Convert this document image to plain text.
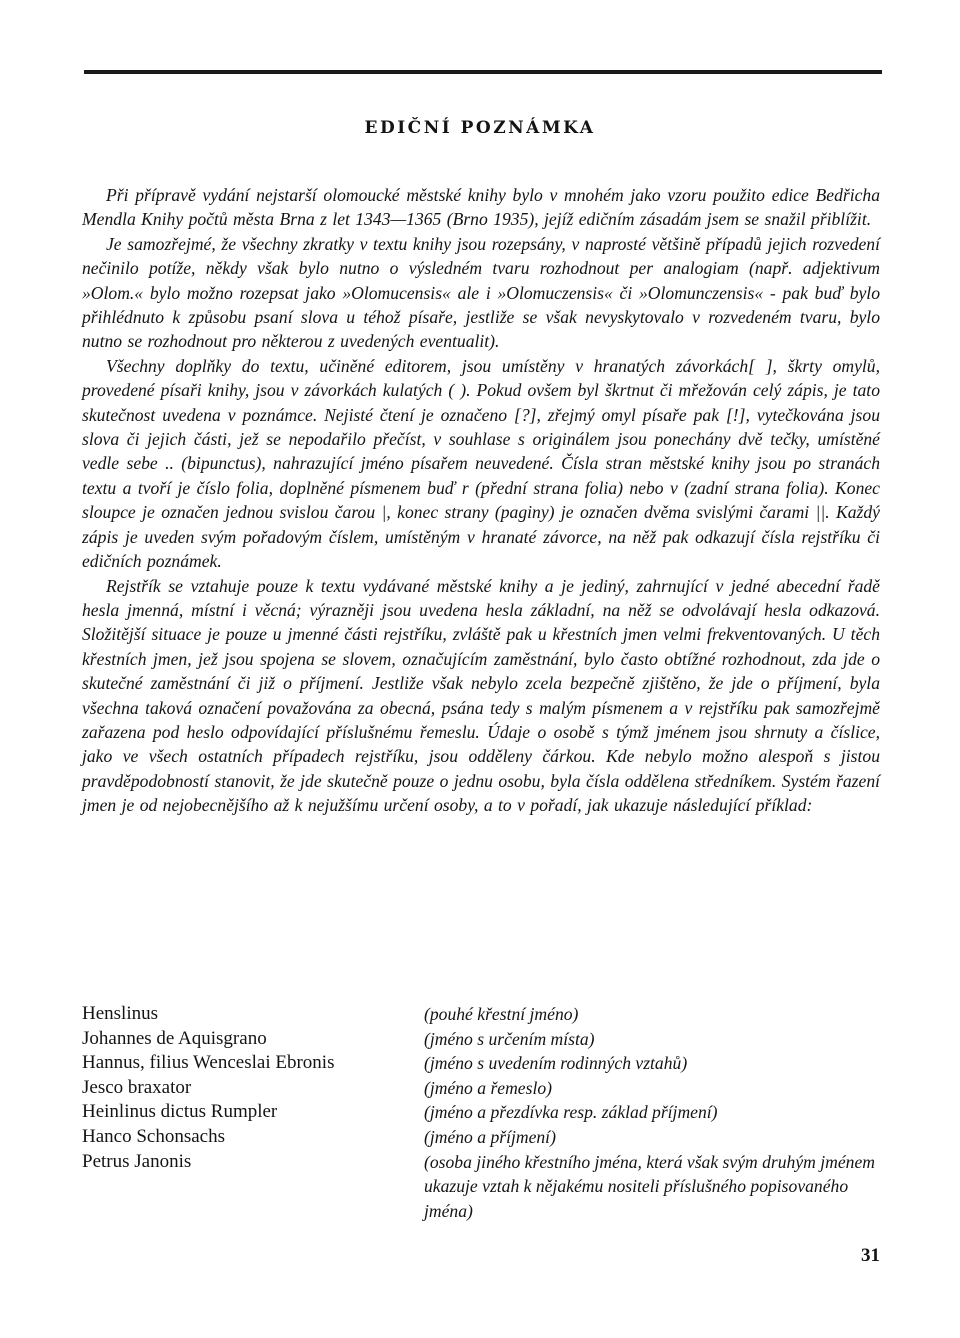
EDIČNÍ POZNÁMKA

Při přípravě vydání nejstarší olomoucké městské knihy bylo v mnohém jako vzoru použito edice Bedřicha Mendla Knihy počtů města Brna z let 1343—1365 (Brno 1935), jejíž edičním zásadám jsem se snažil přiblížit.

Je samozřejmé, že všechny zkratky v textu knihy jsou rozepsány, v naprosté většině případů jejich rozvedení nečinilo potíže, někdy však bylo nutno o výsledném tvaru rozhodnout per analogiam (např. adjektivum »Olom.« bylo možno rozepsat jako »Olomucensis« ale i »Olomuczensis« či »Olomunczensis« - pak buď bylo přihlédnuto k způsobu psaní slova u téhož písaře, jestliže se však nevyskytovalo v rozvedeném tvaru, bylo nutno se rozhodnout pro některou z uvedených eventualit).

Všechny doplňky do textu, učiněné editorem, jsou umístěny v hranatých závorkách[ ], škrty omylů, provedené písaři knihy, jsou v závorkách kulatých ( ). Pokud ovšem byl škrtnut či mřežován celý zápis, je tato skutečnost uvedena v poznámce. Nejisté čtení je označeno [?], zřejmý omyl písaře pak [!], vytečkována jsou slova či jejich části, jež se nepodařilo přečíst, v souhlase s originálem jsou ponechány dvě tečky, umístěné vedle sebe .. (bipunctus), nahrazující jméno písařem neuvedené. Čísla stran městské knihy jsou po stranách textu a tvoří je číslo folia, doplněné písmenem buď r (přední strana folia) nebo v (zadní strana folia). Konec sloupce je označen jednou svislou čarou |, konec strany (paginy) je označen dvěma svislými čarami ||. Každý zápis je uveden svým pořadovým číslem, umístěným v hranaté závorce, na něž pak odkazují čísla rejstříku či edičních poznámek.

Rejstřík se vztahuje pouze k textu vydávané městské knihy a je jediný, zahrnující v jedné abecední řadě hesla jmenná, místní i věcná; výrazněji jsou uvedena hesla základní, na něž se odvolávají hesla odkazová. Složitější situace je pouze u jmenné části rejstříku, zvláště pak u křestních jmen velmi frekventovaných. U těch křestních jmen, jež jsou spojena se slovem, označujícím zaměstnání, bylo často obtížné rozhodnout, zda jde o skutečné zaměstnání či již o příjmení. Jestliže však nebylo zcela bezpečně zjištěno, že jde o příjmení, byla všechna taková označení považována za obecná, psána tedy s malým písmenem a v rejstříku pak samozřejmě zařazena pod heslo odpovídající příslušnému řemeslu. Údaje o osobě s týmž jménem jsou shrnuty a číslice, jako ve všech ostatních případech rejstříku, jsou odděleny čárkou. Kde nebylo možno alespoň s jistou pravděpodobností stanovit, že jde skutečně pouze o jednu osobu, byla čísla oddělena středníkem. Systém řazení jmen je od nejobecnějšího až k nejužšímu určení osoby, a to v pořadí, jak ukazuje následující příklad:

Henslinus	(pouhé křestní jméno)
Johannes de Aquisgrano	(jméno s určením místa)
Hannus, filius Wenceslai Ebronis	(jméno s uvedením rodinných vztahů)
Jesco braxator	(jméno a řemeslo)
Heinlinus dictus Rumpler	(jméno a přezdívka resp. základ příjmení)
Hanco Schonsachs	(jméno a příjmení)
Petrus Janonis	(osoba jiného křestního jména, která však svým druhým jménem ukazuje vztah k nějakému nositeli příslušného popisovaného jména)
31
